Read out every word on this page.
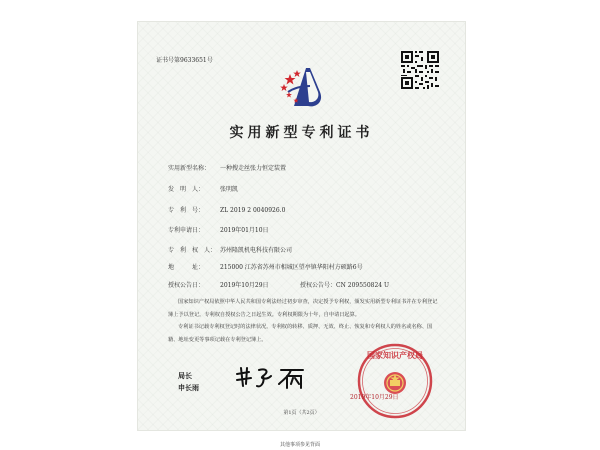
证书号第9633651号
实用新型专利证书
实用新型名称： 一种搜走丝张力恒定装置
发　明　人：	张明凯
专　利　号：	ZL 2019 2 0040926.0
专利申请日：	2019年01月10日
专　利　权　人： 苏州隆凯机电科技有限公司
地　　　址：	215000 江苏省苏州市相城区望亭镇华阳村方硕路6号
授权公告日：	2019年10月29日	授权公告号：CN 209550824 U

国家知识产权局依照中华人民共和国专利法经过初步审查，决定授予专利权，颁发实用新型专利证书并在专利登记簿上予以登记。专利权自授权公告之日起生效。专利权期限为十年，自申请日起算。

专利证书记载专利权登记时的法律状况。专利权的转移、质押、无效、终止、恢复和专利权人的姓名或名称、国籍、地址变更等事项记载在专利登记簿上。

局长
申长雨
国家知识产权局
2019年10月29日
第1页（共2页）
其他事项参见背面
